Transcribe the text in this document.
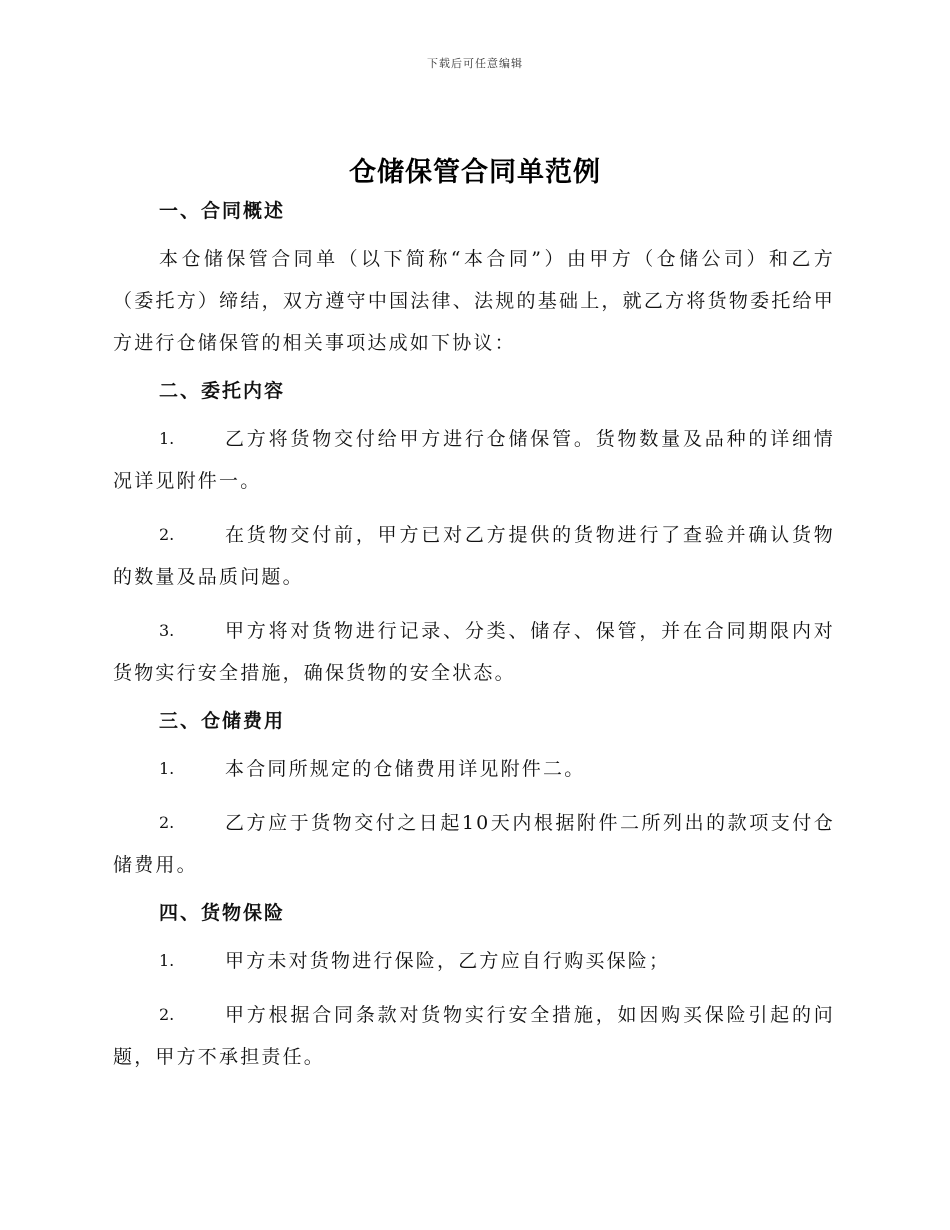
下载后可任意编辑
仓储保管合同单范例
一、合同概述

本仓储保管合同单（以下简称“本合同”）由甲方（仓储公司）和乙方（委托方）缔结，双方遵守中国法律、法规的基础上，就乙方将货物委托给甲方进行仓储保管的相关事项达成如下协议：

二、委托内容

1.	乙方将货物交付给甲方进行仓储保管。货物数量及品种的详细情况详见附件一。

2.	在货物交付前，甲方已对乙方提供的货物进行了查验并确认货物的数量及品质问题。

3.	甲方将对货物进行记录、分类、储存、保管，并在合同期限内对货物实行安全措施，确保货物的安全状态。

三、仓储费用

1.	本合同所规定的仓储费用详见附件二。

2.	乙方应于货物交付之日起10天内根据附件二所列出的款项支付仓储费用。

四、货物保险

1.	甲方未对货物进行保险，乙方应自行购买保险；

2.	甲方根据合同条款对货物实行安全措施，如因购买保险引起的问题，甲方不承担责任。
